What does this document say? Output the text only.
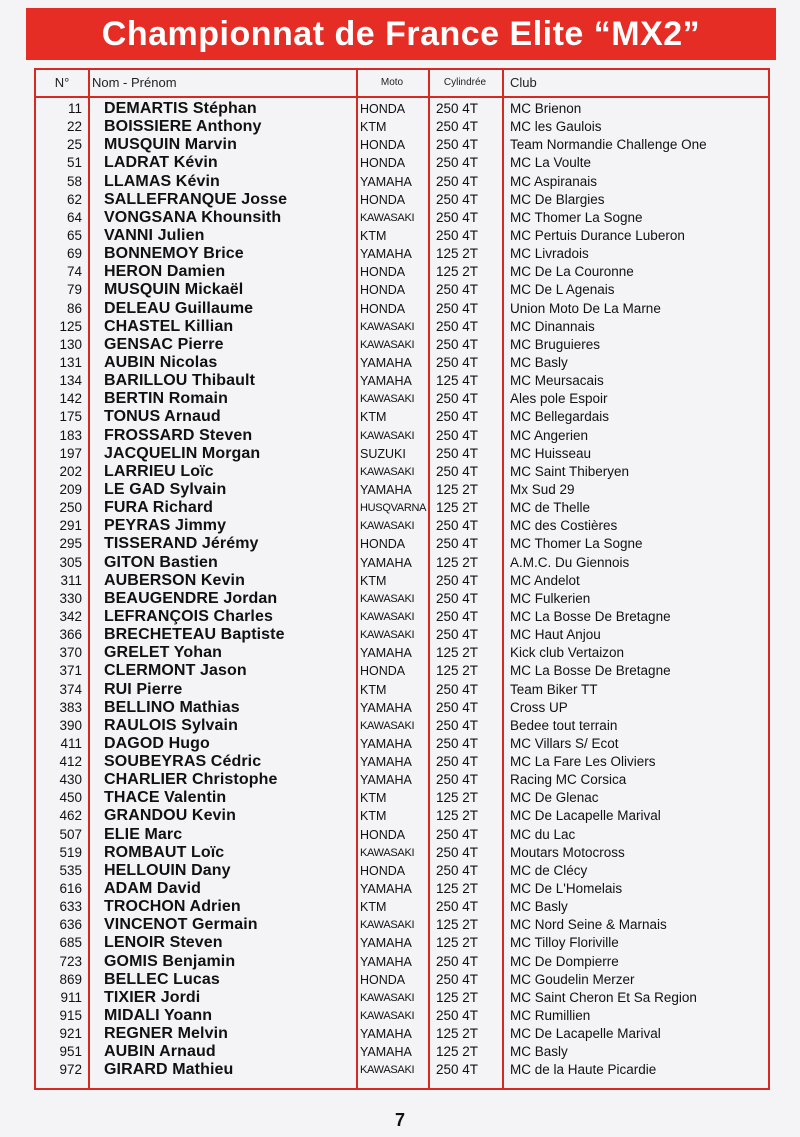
Championnat de France Elite “MX2”
N°	Nom - Prénom	Moto	Cylindrée	Club
11 DEMARTIS Stéphan	HONDA 250 4T MC Brienon
22 BOISSIERE Anthony	KTM	250 4T MC les Gaulois
25 MUSQUIN Marvin	HONDA 250 4T Team Normandie Challenge One
51 LADRAT Kévin	HONDA 250 4T MC La Voulte
58 LLAMAS Kévin	YAMAHA 250 4T MC Aspiranais
62 SALLEFRANQUE Josse	HONDA 250 4T MC De Blargies
64 VONGSANA Khounsith	KAWASAKI 250 4T MC Thomer La Sogne
65 VANNI Julien	KTM	250 4T MC Pertuis Durance Luberon
69 BONNEMOY Brice	YAMAHA 125 2T MC Livradois
74 HERON Damien	HONDA 125 2T MC De La Couronne
79 MUSQUIN Mickaël	HONDA 250 4T MC De L Agenais
86 DELEAU Guillaume	HONDA 250 4T Union Moto De La Marne
125 CHASTEL Killian	KAWASAKI 250 4T MC Dinannais
130 GENSAC Pierre	KAWASAKI 250 4T MC Bruguieres
131 AUBIN Nicolas	YAMAHA 250 4T MC Basly
134 BARILLOU Thibault	YAMAHA 125 4T MC Meursacais
142 BERTIN Romain	KAWASAKI 250 4T Ales pole Espoir
175 TONUS Arnaud	KTM	250 4T MC Bellegardais
183 FROSSARD Steven	KAWASAKI 250 4T MC Angerien
197 JACQUELIN Morgan	SUZUKI 250 4T MC Huisseau
202 LARRIEU Loïc	KAWASAKI 250 4T MC Saint Thiberyen
209 LE GAD Sylvain	YAMAHA 125 2T Mx Sud 29
250 FURA Richard	HUSQVARNA 125 2T MC de Thelle
291 PEYRAS Jimmy	KAWASAKI 250 4T MC des Costières
295 TISSERAND Jérémy	HONDA 250 4T MC Thomer La Sogne
305 GITON Bastien	YAMAHA 125 2T A.M.C. Du Giennois
311 AUBERSON Kevin	KTM	250 4T MC Andelot
330 BEAUGENDRE Jordan	KAWASAKI 250 4T MC Fulkerien
342 LEFRANÇOIS Charles	KAWASAKI 250 4T MC La Bosse De Bretagne
366 BRECHETEAU Baptiste	KAWASAKI 250 4T MC Haut Anjou
370 GRELET Yohan	YAMAHA 125 2T Kick club Vertaizon
371 CLERMONT Jason	HONDA 125 2T MC La Bosse De Bretagne
374 RUI Pierre	KTM	250 4T Team Biker TT
383 BELLINO Mathias	YAMAHA 250 4T Cross UP
390 RAULOIS Sylvain	KAWASAKI 250 4T Bedee tout terrain
411 DAGOD Hugo	YAMAHA 250 4T MC Villars S/ Ecot
412 SOUBEYRAS Cédric	YAMAHA 250 4T MC La Fare Les Oliviers
430 CHARLIER Christophe	YAMAHA 250 4T Racing MC Corsica
450 THACE Valentin	KTM	125 2T MC De Glenac
462 GRANDOU Kevin	KTM	125 2T MC De Lacapelle Marival
507 ELIE Marc	HONDA 250 4T MC du Lac
519 ROMBAUT Loïc	KAWASAKI 250 4T Moutars Motocross
535 HELLOUIN Dany	HONDA 250 4T MC de Clécy
616 ADAM David	YAMAHA 125 2T MC De L'Homelais
633 TROCHON Adrien	KTM	250 4T MC Basly
636 VINCENOT Germain	KAWASAKI 125 2T MC Nord Seine & Marnais
685 LENOIR Steven	YAMAHA 125 2T MC Tilloy Floriville
723 GOMIS Benjamin	YAMAHA 250 4T MC De Dompierre
869 BELLEC Lucas	HONDA 250 4T MC Goudelin Merzer
911 TIXIER Jordi	KAWASAKI 125 2T MC Saint Cheron Et Sa Region
915 MIDALI Yoann	KAWASAKI 250 4T MC Rumillien
921 REGNER Melvin	YAMAHA 125 2T MC De Lacapelle Marival
951 AUBIN Arnaud	YAMAHA 125 2T MC Basly
972 GIRARD Mathieu	KAWASAKI 250 4T MC de la Haute Picardie
7
